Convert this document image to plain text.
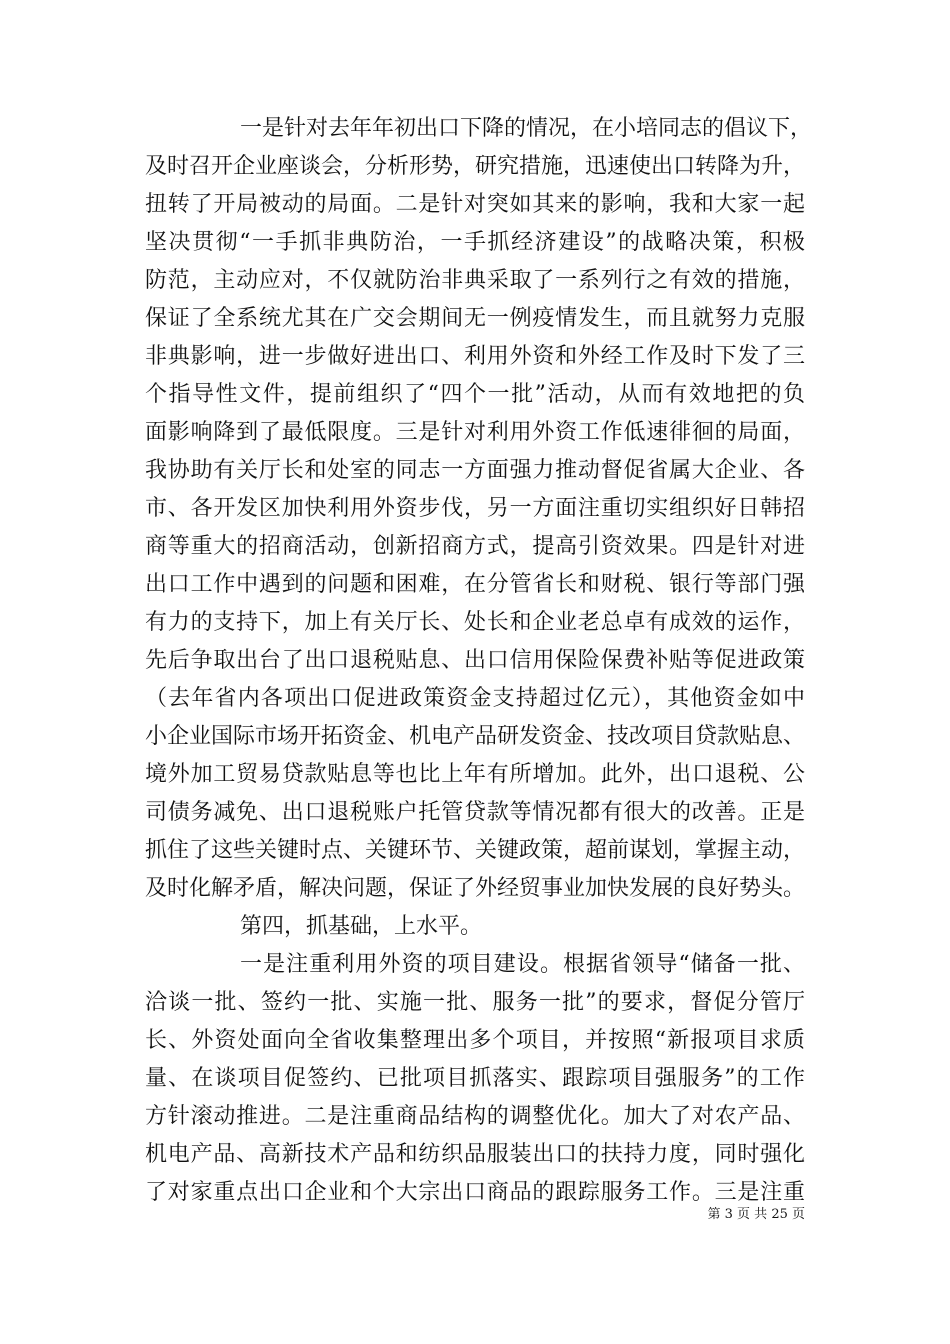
一是针对去年年初出口下降的情况，在小培同志的倡议下，
及时召开企业座谈会，分析形势，研究措施，迅速使出口转降为升，
扭转了开局被动的局面。二是针对突如其来的影响，我和大家一起
坚决贯彻“一手抓非典防治，一手抓经济建设”的战略决策，积极
防范，主动应对，不仅就防治非典采取了一系列行之有效的措施，
保证了全系统尤其在广交会期间无一例疫情发生，而且就努力克服
非典影响，进一步做好进出口、利用外资和外经工作及时下发了三
个指导性文件，提前组织了“四个一批”活动，从而有效地把的负
面影响降到了最低限度。三是针对利用外资工作低速徘徊的局面，
我协助有关厅长和处室的同志一方面强力推动督促省属大企业、各
市、各开发区加快利用外资步伐，另一方面注重切实组织好日韩招
商等重大的招商活动，创新招商方式，提高引资效果。四是针对进
出口工作中遇到的问题和困难，在分管省长和财税、银行等部门强
有力的支持下，加上有关厅长、处长和企业老总卓有成效的运作，
先后争取出台了出口退税贴息、出口信用保险保费补贴等促进政策
（去年省内各项出口促进政策资金支持超过亿元），其他资金如中
小企业国际市场开拓资金、机电产品研发资金、技改项目贷款贴息、
境外加工贸易贷款贴息等也比上年有所增加。此外，出口退税、公
司债务减免、出口退税账户托管贷款等情况都有很大的改善。正是
抓住了这些关键时点、关键环节、关键政策，超前谋划，掌握主动，
及时化解矛盾，解决问题，保证了外经贸事业加快发展的良好势头。
第四，抓基础，上水平。
一是注重利用外资的项目建设。根据省领导“储备一批、
洽谈一批、签约一批、实施一批、服务一批”的要求，督促分管厅
长、外资处面向全省收集整理出多个项目，并按照“新报项目求质
量、在谈项目促签约、已批项目抓落实、跟踪项目强服务”的工作
方针滚动推进。二是注重商品结构的调整优化。加大了对农产品、
机电产品、高新技术产品和纺织品服装出口的扶持力度，同时强化
了对家重点出口企业和个大宗出口商品的跟踪服务工作。三是注重
第 3 页 共 25 页
